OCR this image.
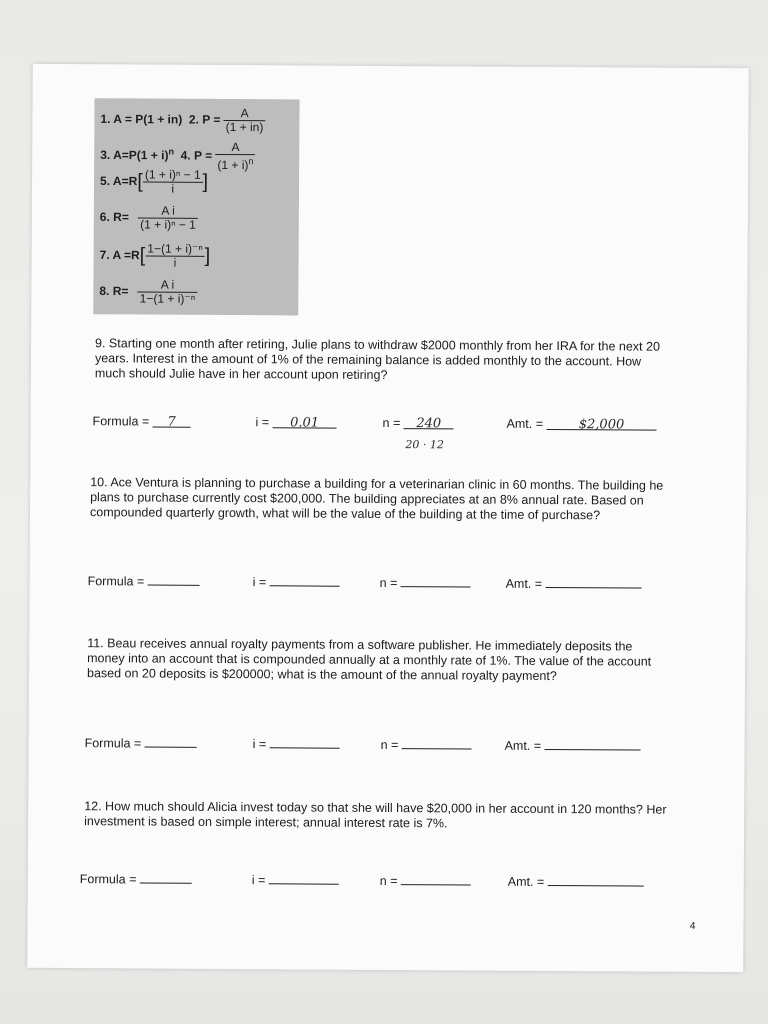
1. A = P(1 + in) 2. $P = \frac{A}{(1 + in)}$
3. $A=P(1 + i)^n$ 4. $P = \frac{A}{(1 + i)^n}$
5. $A=R[ \frac{\text{(1 + i)ⁿ − 1}}{i}$ ]
6. $R= \frac{\text{A i}}{\text{(1 + i)ⁿ − 1}}$
7. $A =R[ \frac{\text{1−(1 + i)⁻ⁿ}}{i}$ ]
8. $R= \frac{\text{A i}}{\text{1−(1 + i)⁻ⁿ}}$
9. Starting one month after retiring, Julie plans to withdraw $2000 monthly from her IRA for the next 20 years. Interest in the amount of 1% of the remaining balance is added monthly to the account. How much should Julie have in her account upon retiring?
Formula = 7	i = 0.01	n = 240
20 · 12
Amt. =	$2,000
10. Ace Ventura is planning to purchase a building for a veterinarian clinic in 60 months. The building he plans to purchase currently cost $200,000. The building appreciates at an 8% annual rate. Based on compounded quarterly growth, what will be the value of the building at the time of purchase?
Formula =	i =	n =	Amt. =
11. Beau receives annual royalty payments from a software publisher. He immediately deposits the money into an account that is compounded annually at a monthly rate of 1%. The value of the account based on 20 deposits is $200000; what is the amount of the annual royalty payment?
Formula =	i =	n =	Amt. =
12. How much should Alicia invest today so that she will have $20,000 in her account in 120 months? Her investment is based on simple interest; annual interest rate is 7%.
Formula =	i =	n =	Amt. =
4
